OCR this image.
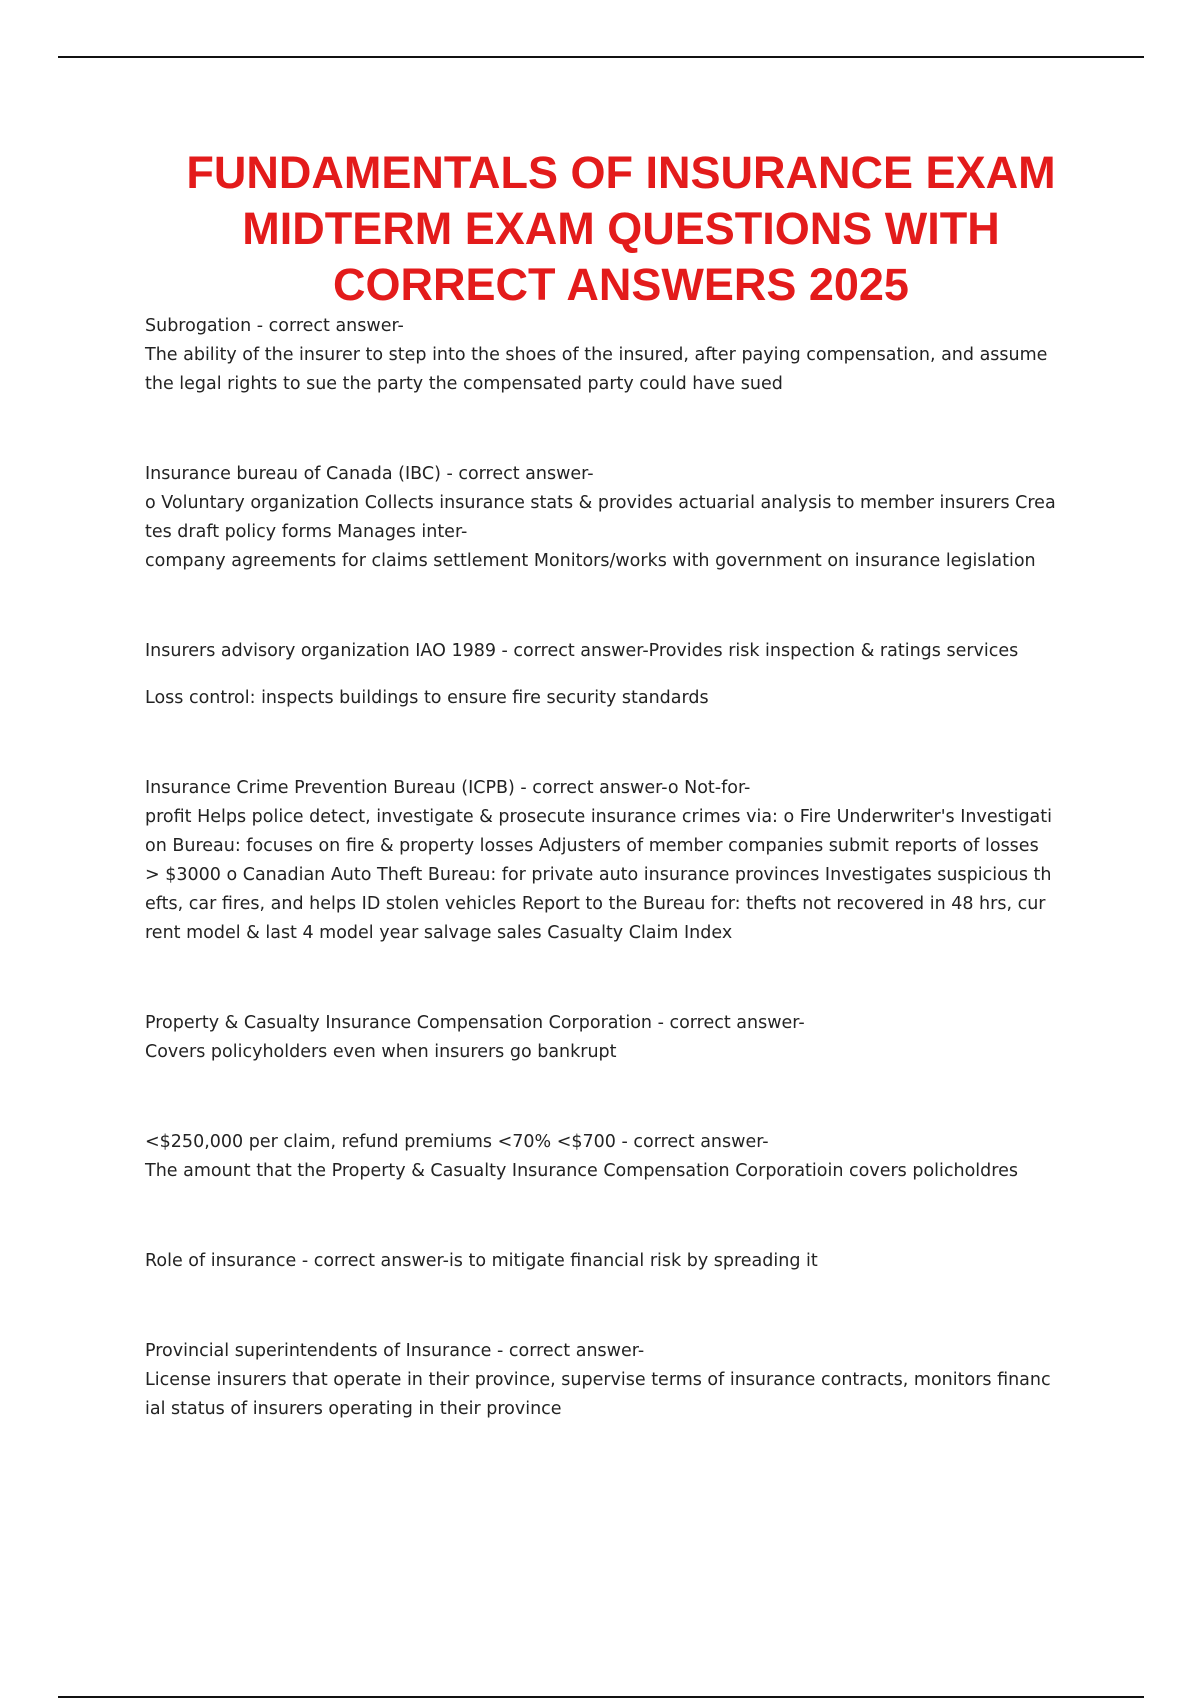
FUNDAMENTALS OF INSURANCE EXAM
MIDTERM EXAM QUESTIONS WITH
CORRECT ANSWERS 2025

Subrogation - correct answer-
The ability of the insurer to step into the shoes of the insured, after paying compensation, and assume
the legal rights to sue the party the compensated party could have sued

Insurance bureau of Canada (IBC) - correct answer-
o Voluntary organization Collects insurance stats & provides actuarial analysis to member insurers Crea
tes draft policy forms Manages inter-
company agreements for claims settlement Monitors/works with government on insurance legislation

Insurers advisory organization IAO 1989 - correct answer-Provides risk inspection & ratings services

Loss control: inspects buildings to ensure fire security standards

Insurance Crime Prevention Bureau (ICPB) - correct answer-o Not-for-
profit Helps police detect, investigate & prosecute insurance crimes via: o Fire Underwriter's Investigati
on Bureau: focuses on fire & property losses Adjusters of member companies submit reports of losses
> $3000 o Canadian Auto Theft Bureau: for private auto insurance provinces Investigates suspicious th
efts, car fires, and helps ID stolen vehicles Report to the Bureau for: thefts not recovered in 48 hrs, cur
rent model & last 4 model year salvage sales Casualty Claim Index

Property & Casualty Insurance Compensation Corporation - correct answer-
Covers policyholders even when insurers go bankrupt

<$250,000 per claim, refund premiums <70% <$700 - correct answer-
The amount that the Property & Casualty Insurance Compensation Corporatioin covers policholdres

Role of insurance - correct answer-is to mitigate financial risk by spreading it

Provincial superintendents of Insurance - correct answer-
License insurers that operate in their province, supervise terms of insurance contracts, monitors financ
ial status of insurers operating in their province
